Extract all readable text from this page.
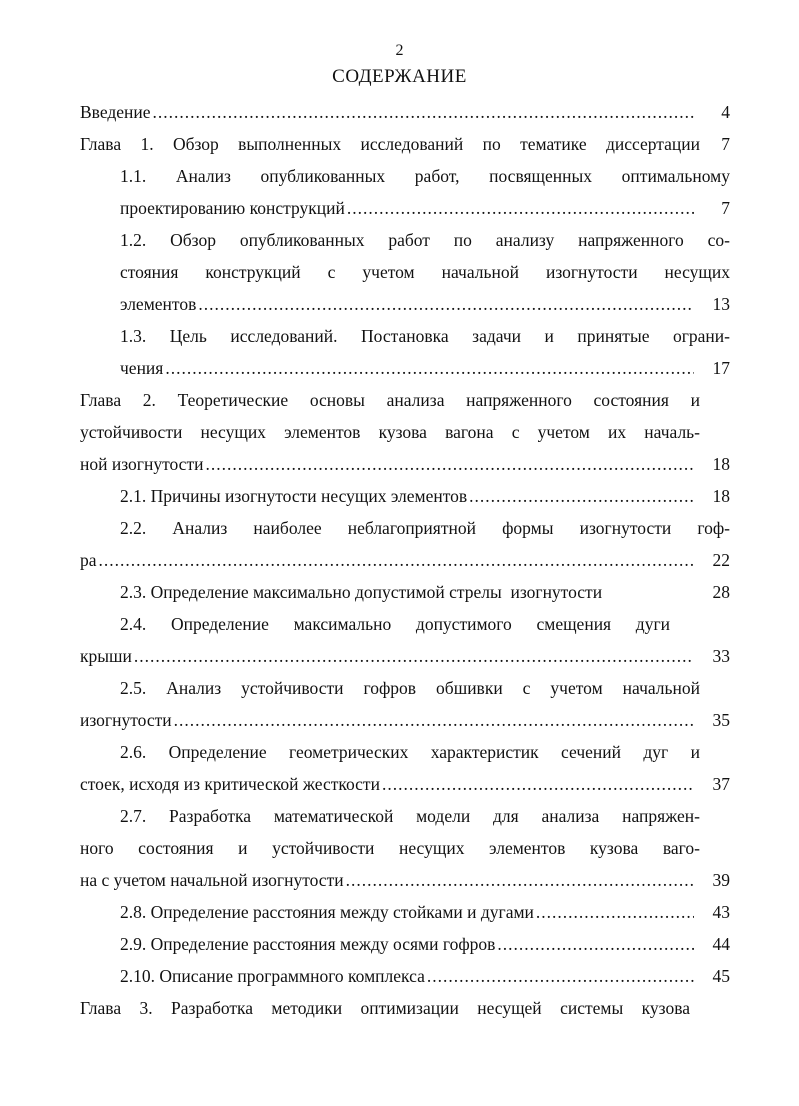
2
СОДЕРЖАНИЕ
Введение .....	4
Глава 1. Обзор выполненных исследований по тематике диссертации	7
1.1. Анализ опубликованных работ, посвященных оптимальному
проектированию конструкций .....	7
1.2. Обзор опубликованных работ по анализу напряженного со-
стояния конструкций с учетом начальной изогнутости несущих
элементов .....	13
1.3. Цель исследований. Постановка задачи и принятые ограни-
чения .....	17
Глава 2. Теоретические основы анализа напряженного состояния и
устойчивости несущих элементов кузова вагона с учетом их началь-
ной изогнутости .....	18
2.1. Причины изогнутости несущих элементов .....	18
2.2. Анализ наиболее неблагоприятной формы изогнутости гоф-
ра .....	22
2.3. Определение максимально допустимой стрелы  изогнутости	28
2.4. Определение максимально допустимого смещения дуги
крыши .....	33
2.5. Анализ устойчивости гофров обшивки с учетом начальной
изогнутости .....	35
2.6. Определение геометрических характеристик сечений дуг и
стоек, исходя из критической жесткости .....	37
2.7. Разработка математической модели для анализа напряжен-
ного состояния и устойчивости несущих элементов кузова ваго-
на с учетом начальной изогнутости .....	39
2.8. Определение расстояния между стойками и дугами .....	43
2.9. Определение расстояния между осями гофров .....	44
2.10. Описание программного комплекса .....	45
Глава 3. Разработка методики оптимизации несущей системы кузова
